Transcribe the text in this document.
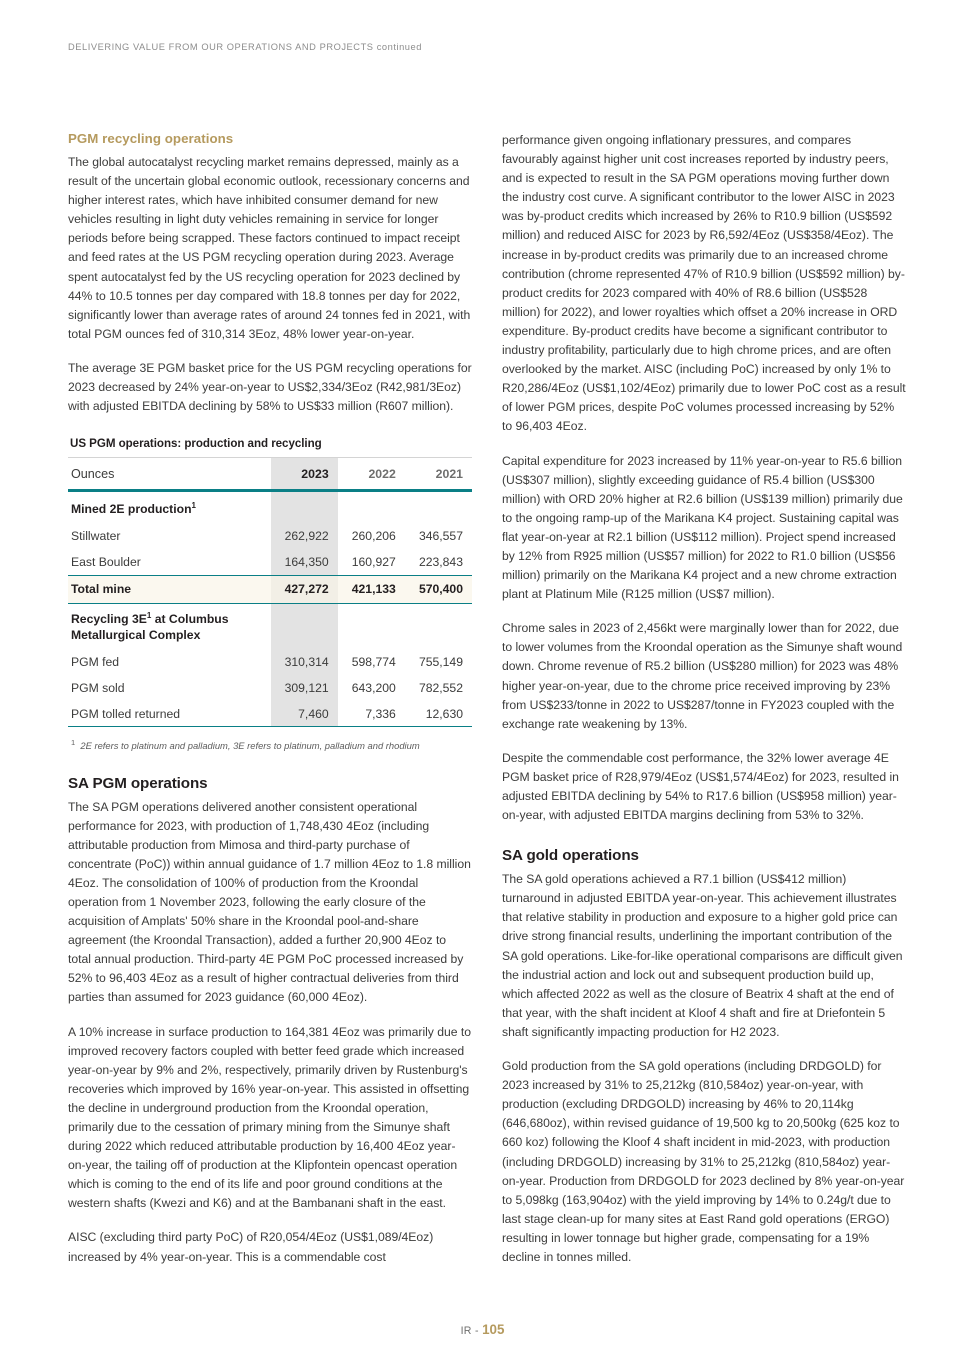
DELIVERING VALUE FROM OUR OPERATIONS AND PROJECTS continued
PGM recycling operations

The global autocatalyst recycling market remains depressed, mainly as a result of the uncertain global economic outlook, recessionary concerns and higher interest rates, which have inhibited consumer demand for new vehicles resulting in light duty vehicles remaining in service for longer periods before being scrapped. These factors continued to impact receipt and feed rates at the US PGM recycling operation during 2023. Average spent autocatalyst fed by the US recycling operation for 2023 declined by 44% to 10.5 tonnes per day compared with 18.8 tonnes per day for 2022, significantly lower than average rates of around 24 tonnes fed in 2021, with total PGM ounces fed of 310,314 3Eoz, 48% lower year-on-year.

The average 3E PGM basket price for the US PGM recycling operations for 2023 decreased by 24% year-on-year to US$2,334/3Eoz (R42,981/3Eoz) with adjusted EBITDA declining by 58% to US$33 million (R607 million).

US PGM operations: production and recycling
Ounces	2023	2022	2021

Mined 2E production$^1$			
Stillwater	262,922	260,206	346,557
East Boulder	164,350	160,927	223,843
Total mine	427,272	421,133	570,400

Recycling 3E$^1$ at Columbus
Metallurgical Complex			

PGM fed	310,314	598,774	755,149
PGM sold	309,121	643,200	782,552
PGM tolled returned	7,460	7,336	12,630

$^1$ 2E refers to platinum and palladium, 3E refers to platinum, palladium and rhodium

SA PGM operations

The SA PGM operations delivered another consistent operational performance for 2023, with production of 1,748,430 4Eoz (including attributable production from Mimosa and third-party purchase of concentrate (PoC)) within annual guidance of 1.7 million 4Eoz to 1.8 million 4Eoz. The consolidation of 100% of production from the Kroondal operation from 1 November 2023, following the early closure of the acquisition of Amplats' 50% share in the Kroondal pool-and-share agreement (the Kroondal Transaction), added a further 20,900 4Eoz to total annual production. Third-party 4E PGM PoC processed increased by 52% to 96,403 4Eoz as a result of higher contractual deliveries from third parties than assumed for 2023 guidance (60,000 4Eoz).

A 10% increase in surface production to 164,381 4Eoz was primarily due to improved recovery factors coupled with better feed grade which increased year-on-year by 9% and 2%, respectively, primarily driven by Rustenburg's recoveries which improved by 16% year-on-year. This assisted in offsetting the decline in underground production from the Kroondal operation, primarily due to the cessation of primary mining from the Simunye shaft during 2022 which reduced attributable production by 16,400 4Eoz year-on-year, the tailing off of production at the Klipfontein opencast operation which is coming to the end of its life and poor ground conditions at the western shafts (Kwezi and K6) and at the Bambanani shaft in the east.

AISC (excluding third party PoC) of R20,054/4Eoz (US$1,089/4Eoz) increased by 4% year-on-year. This is a commendable cost

performance given ongoing inflationary pressures, and compares favourably against higher unit cost increases reported by industry peers, and is expected to result in the SA PGM operations moving further down the industry cost curve. A significant contributor to the lower AISC in 2023 was by-product credits which increased by 26% to R10.9 billion (US$592 million) and reduced AISC for 2023 by R6,592/4Eoz (US$358/4Eoz). The increase in by-product credits was primarily due to an increased chrome contribution (chrome represented 47% of R10.9 billion (US$592 million) by-product credits for 2023 compared with 40% of R8.6 billion (US$528 million) for 2022), and lower royalties which offset a 20% increase in ORD expenditure. By-product credits have become a significant contributor to industry profitability, particularly due to high chrome prices, and are often overlooked by the market. AISC (including PoC) increased by only 1% to R20,286/4Eoz (US$1,102/4Eoz) primarily due to lower PoC cost as a result of lower PGM prices, despite PoC volumes processed increasing by 52% to 96,403 4Eoz.

Capital expenditure for 2023 increased by 11% year-on-year to R5.6 billion (US$307 million), slightly exceeding guidance of R5.4 billion (US$300 million) with ORD 20% higher at R2.6 billion (US$139 million) primarily due to the ongoing ramp-up of the Marikana K4 project. Sustaining capital was flat year-on-year at R2.1 billion (US$112 million). Project spend increased by 12% from R925 million (US$57 million) for 2022 to R1.0 billion (US$56 million) primarily on the Marikana K4 project and a new chrome extraction plant at Platinum Mile (R125 million (US$7 million).

Chrome sales in 2023 of 2,456kt were marginally lower than for 2022, due to lower volumes from the Kroondal operation as the Simunye shaft wound down. Chrome revenue of R5.2 billion (US$280 million) for 2023 was 48% higher year-on-year, due to the chrome price received improving by 23% from US$233/tonne in 2022 to US$287/tonne in FY2023 coupled with the exchange rate weakening by 13%.

Despite the commendable cost performance, the 32% lower average 4E PGM basket price of R28,979/4Eoz (US$1,574/4Eoz) for 2023, resulted in adjusted EBITDA declining by 54% to R17.6 billion (US$958 million) year-on-year, with adjusted EBITDA margins declining from 53% to 32%.

SA gold operations

The SA gold operations achieved a R7.1 billion (US$412 million) turnaround in adjusted EBITDA year-on-year. This achievement illustrates that relative stability in production and exposure to a higher gold price can drive strong financial results, underlining the important contribution of the SA gold operations. Like-for-like operational comparisons are difficult given the industrial action and lock out and subsequent production build up, which affected 2022 as well as the closure of Beatrix 4 shaft at the end of that year, with the shaft incident at Kloof 4 shaft and fire at Driefontein 5 shaft significantly impacting production for H2 2023.

Gold production from the SA gold operations (including DRDGOLD) for 2023 increased by 31% to 25,212kg (810,584oz) year-on-year, with production (excluding DRDGOLD) increasing by 46% to 20,114kg (646,680oz), within revised guidance of 19,500 kg to 20,500kg (625 koz to 660 koz) following the Kloof 4 shaft incident in mid-2023, with production (including DRDGOLD) increasing by 31% to 25,212kg (810,584oz) year-on-year. Production from DRDGOLD for 2023 declined by 8% year-on-year to 5,098kg (163,904oz) with the yield improving by 14% to 0.24g/t due to last stage clean-up for many sites at East Rand gold operations (ERGO) resulting in lower tonnage but higher grade, compensating for a 19% decline in tonnes milled.

IR - 105
